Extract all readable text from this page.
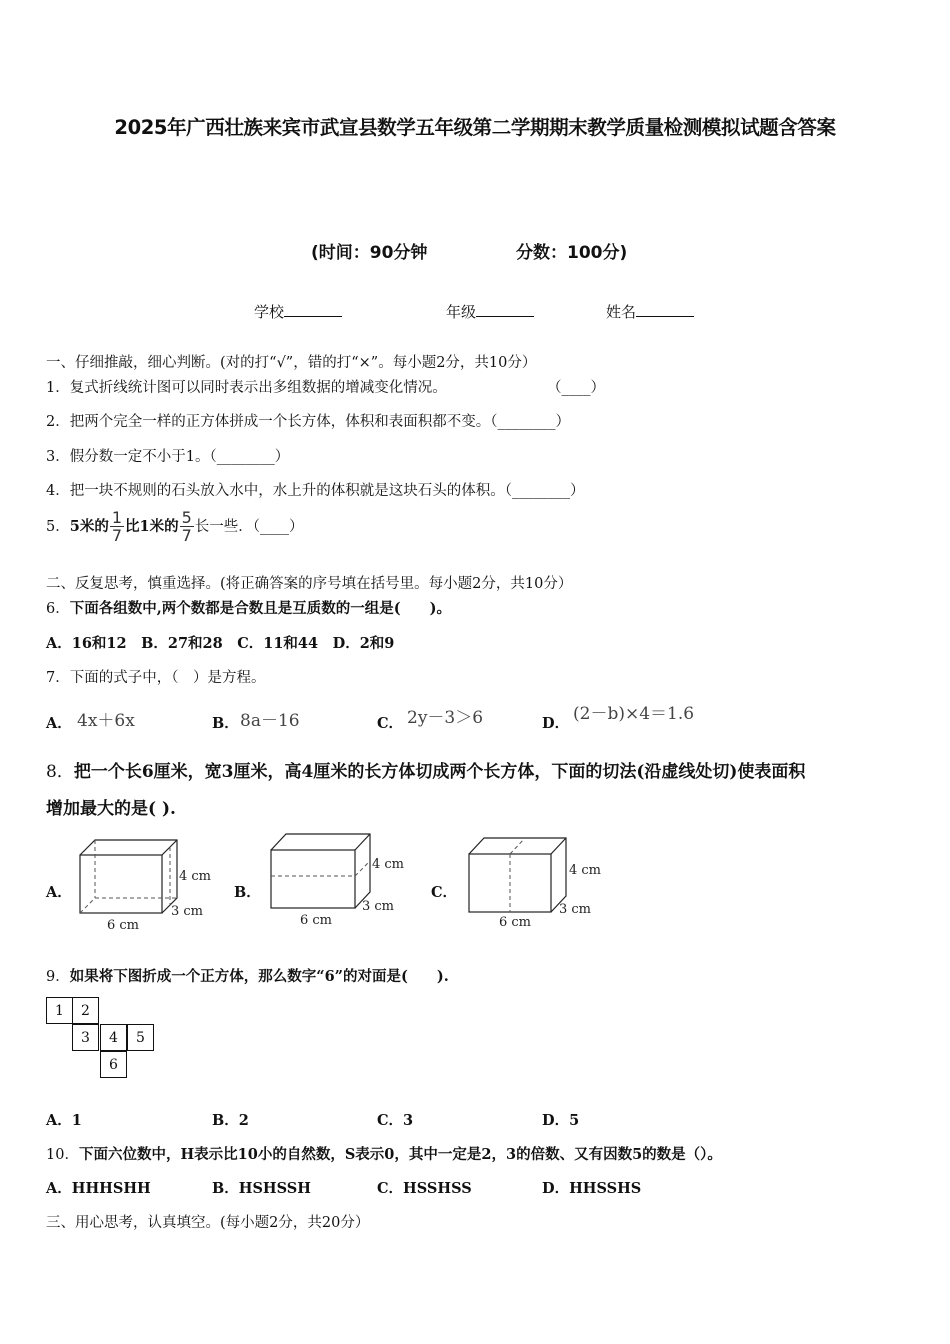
2025年广西壮族来宾市武宣县数学五年级第二学期期末教学质量检测模拟试题含答案
(时间：90分钟	分数：100分)
学校	年级	姓名
一、仔细推敲，细心判断。(对的打“√”，错的打“×”。每小题2分，共10分）
1．复式折线统计图可以同时表示出多组数据的增减变化情况。	（____）
2．把两个完全一样的正方体拼成一个长方体，体积和表面积都不变。（________）
3．假分数一定不小于1。（________）
4．把一块不规则的石头放入水中，水上升的体积就是这块石头的体积。（________）
5．5米的 $\frac{1}{7}$ 比1米的 $\frac{5}{7}$ 长一些．（____）
二、反复思考，慎重选择。(将正确答案的序号填在括号里。每小题2分，共10分）
6．下面各组数中,两个数都是合数且是互质数的一组是(　　)。
A．16和12　B．27和28　C．11和44　D．2和9
7．下面的式子中，（　）是方程。
A． 4x＋6x	B． 8a－16	C． 2y－3＞6	D． (2－b)×4＝1.6
8．把一个长6厘米，宽3厘米，高4厘米的长方体切成两个长方体，下面的切法(沿虚线处切)使表面积
增加最大的是( ).
A．	B．	C．
4 cm
3 cm
6 cm
4 cm
3 cm
6 cm
4 cm
3 cm
6 cm
9．如果将下图折成一个正方体，那么数字“6”的对面是(　　).
1	2
3	4	5
6
A．1	B．2	C．3	D．5
10．下面六位数中，H表示比10小的自然数，S表示0，其中一定是2，3的倍数、又有因数5的数是（）。
A．HHHSHH	B．HSHSSH	C．HSSHSS	D．HHSSHS
三、用心思考，认真填空。(每小题2分，共20分）
